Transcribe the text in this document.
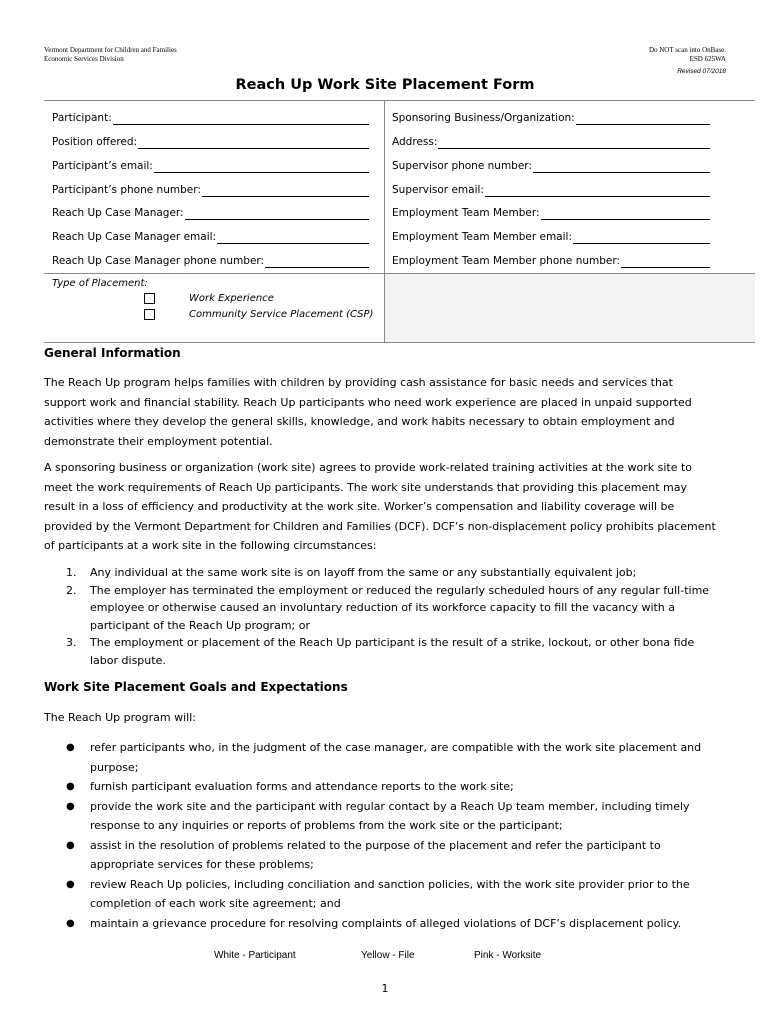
Vermont Department for Children and Families
Economic Services Division
Do NOT scan into OnBase.
ESD 625WA
Revised 07/2018
Reach Up Work Site Placement Form
Participant:
Position offered:
Participant’s email:
Participant’s phone number:
Reach Up Case Manager:
Reach Up Case Manager email:
Reach Up Case Manager phone number:
Sponsoring Business/Organization:
Address:
Supervisor phone number:
Supervisor email:
Employment Team Member:
Employment Team Member email:
Employment Team Member phone number:
Type of Placement:
Work Experience
Community Service Placement (CSP)
General Information
The Reach Up program helps families with children by providing cash assistance for basic needs and services that support work and financial stability. Reach Up participants who need work experience are placed in unpaid supported activities where they develop the general skills, knowledge, and work habits necessary to obtain employment and demonstrate their employment potential.
A sponsoring business or organization (work site) agrees to provide work-related training activities at the work site to meet the work requirements of Reach Up participants. The work site understands that providing this placement may result in a loss of efficiency and productivity at the work site. Worker’s compensation and liability coverage will be provided by the Vermont Department for Children and Families (DCF). DCF’s non-displacement policy prohibits placement of participants at a work site in the following circumstances:
1. Any individual at the same work site is on layoff from the same or any substantially equivalent job;
2. The employer has terminated the employment or reduced the regularly scheduled hours of any regular full-time employee or otherwise caused an involuntary reduction of its workforce capacity to fill the vacancy with a participant of the Reach Up program; or
3. The employment or placement of the Reach Up participant is the result of a strike, lockout, or other bona fide labor dispute.
Work Site Placement Goals and Expectations
The Reach Up program will:
● refer participants who, in the judgment of the case manager, are compatible with the work site placement and purpose;
● furnish participant evaluation forms and attendance reports to the work site;
● provide the work site and the participant with regular contact by a Reach Up team member, including timely response to any inquiries or reports of problems from the work site or the participant;
● assist in the resolution of problems related to the purpose of the placement and refer the participant to appropriate services for these problems;
● review Reach Up policies, including conciliation and sanction policies, with the work site provider prior to the completion of each work site agreement; and
● maintain a grievance procedure for resolving complaints of alleged violations of DCF’s displacement policy.
White - Participant	Yellow - File	Pink - Worksite
1
